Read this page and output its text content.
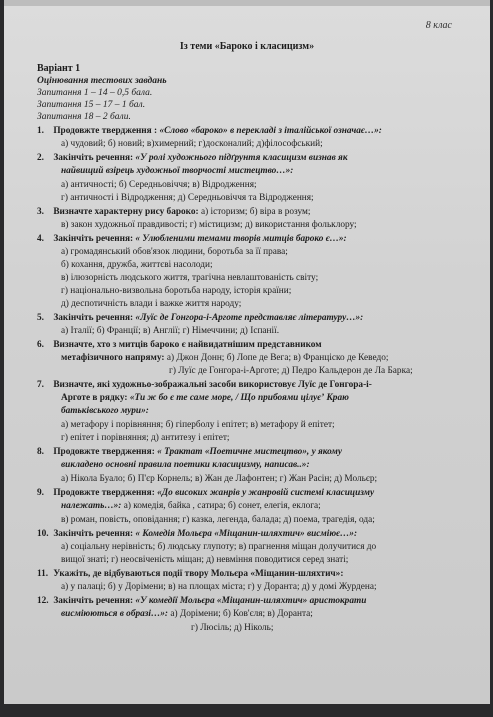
8 клас
Із теми «Бароко і класицизм»
Варіант 1
Оцінювання тестових завдань
Запитання 1 – 14 – 0,5 бала.
Запитання 15 – 17 – 1 бал.
Запитання 18 – 2 бали.
1. Продовжте твердження : «Слово «бароко» в перекладі з італійської означає…»:
а) чудовий; б) новий; в)химерний; г)досконалий; д)філософський;
2. Закінчіть речення: «У ролі художнього підґрунтя класицизм визнав як
найвищий взірець художньої творчості мистецтво…»:
а) античності; б) Середньовіччя; в) Відродження;
г) античності і Відродження; д) Середньовіччя та Відродження;
3. Визначте характерну рису бароко: а) історизм; б) віра в розум;
в) закон художньої правдивості; г) містицизм; д) використання фольклору;
4. Закінчіть речення: « Улюбленими темами творів митців бароко є…»:
а) громадянський обов'язок людини, боротьба за її права;
б) кохання, дружба, життєві насолоди;
в) ілюзорність людського життя, трагічна невлаштованість світу;
г) національно-визвольна боротьба народу, історія країни;
д) деспотичність влади і важке життя народу;
5. Закінчіть речення: «Луїс де Гонгора-і-Арготе представляє літературу…»:
а) Італії; б) Франції; в) Англії; г) Німеччини; д) Іспанії.
6. Визначте, хто з митців бароко є найвидатнішим представником
метафізичного напряму: а) Джон Донн; б) Лопе де Вега; в) Франціско де Кеведо;
г) Луїс де Гонгора-і-Арготе; д) Педро Кальдерон де Ла Барка;
7. Визначте, які художньо-зображальні засоби використовує Луїс де Гонгора-і-
Арготе в рядку: «Ти ж бо є те саме море, / Що прибоями цілуєʼ Краю
батьківського мури»:
а) метафору і порівняння; б) гіперболу і епітет; в) метафору й епітет;
г) епітет і порівняння; д) антитезу і епітет;
8. Продовжте твердження: « Трактат «Поетичне мистецтво», у якому
викладено основні правила поетики класицизму, написав..»:
а) Нікола Буало; б) П'єр Корнель; в) Жан де Лафонтен; г) Жан Расін; д) Мольєр;
9. Продовжте твердження: «До високих жанрів у жанровій системі класицизму
належать…»: а) комедія, байка , сатира; б) сонет, елегія, еклога;
в) роман, повість, оповідання; г) казка, легенда, балада; д) поема, трагедія, ода;
10. Закінчіть речення: « Комедія Мольєра «Міщанин-шляхтич» висміює…»:
а) соціальну нерівність; б) людську глупоту; в) прагнення міщан долучитися до
вищої знаті; г) неосвіченість міщан; д) невміння поводитися серед знаті;
11. Укажіть, де відбуваються події твору Мольєра «Міщанин-шляхтич»:
а) у палаці; б) у Дорімени; в) на площах міста; г) у Доранта; д) у домі Журдена;
12. Закінчіть речення: «У комедії Мольєра «Міщанин-шляхтич» аристократи
висміюються в образі…»: а) Дорімени; б) Ков'єля; в) Доранта;
г) Люсіль; д) Ніколь;
